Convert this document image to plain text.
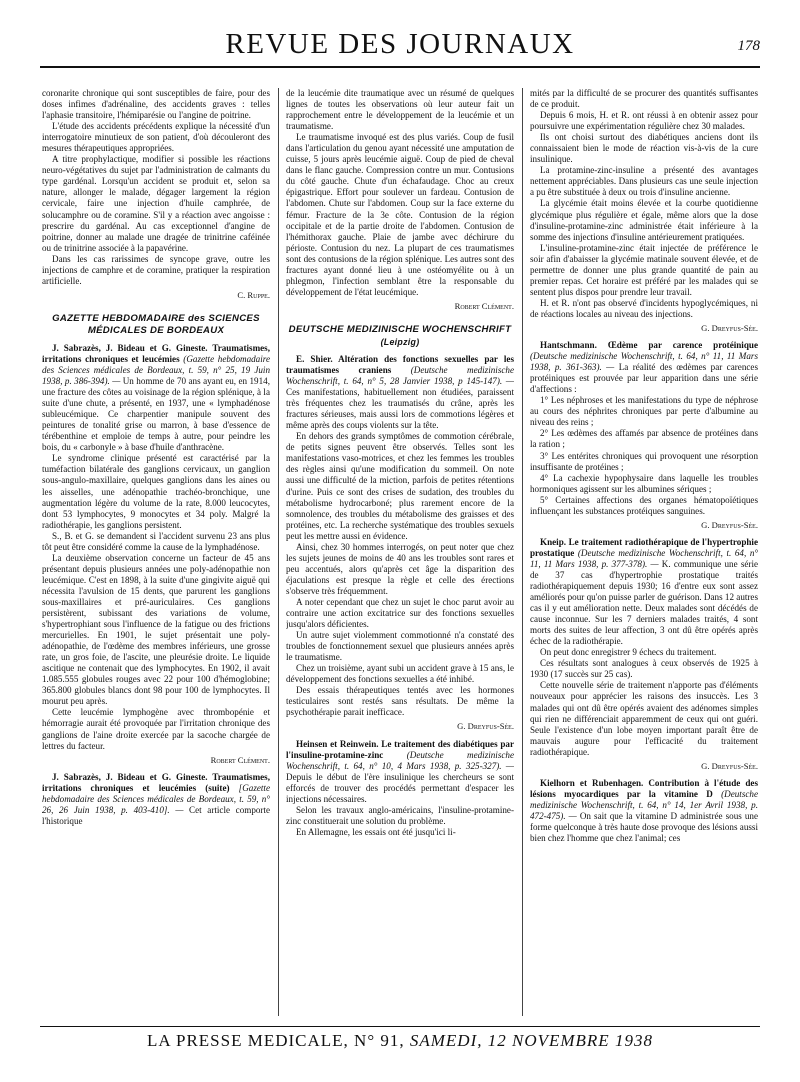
REVUE DES JOURNAUX	178

coronarite chronique qui sont susceptibles de faire, pour des doses infimes d'adrénaline, des accidents graves : telles l'aphasie transitoire, l'hémiparésie ou l'angine de poitrine.

L'étude des accidents précédents explique la nécessité d'un interrogatoire minutieux de son patient, d'où découleront des mesures thérapeutiques appropriées.

A titre prophylactique, modifier si possible les réactions neuro-végétatives du sujet par l'administration de calmants du type gardénal. Lorsqu'un accident se produit et, selon sa nature, allonger le malade, dégager largement la région cervicale, faire une injection d'huile camphrée, de solucamphre ou de coramine. S'il y a réaction avec angoisse : prescrire du gardénal. Au cas exceptionnel d'angine de poitrine, donner au malade une dragée de trinitrine caféinée ou de trinitrine associée à la papavérine.

Dans les cas rarissimes de syncope grave, outre les injections de camphre et de coramine, pratiquer la respiration artificielle.

C. Ruppe.
GAZETTE HEBDOMADAIRE des SCIENCES MÉDICALES DE BORDEAUX

J. Sabrazès, J. Bideau et G. Gineste. Traumatismes, irritations chroniques et leucémies (Gazette hebdomadaire des Sciences médicales de Bordeaux, t. 59, n° 25, 19 Juin 1938, p. 386-394). — Un homme de 70 ans ayant eu, en 1914, une fracture des côtes au voisinage de la région splénique, à la suite d'une chute, a présenté, en 1937, une « lymphadénose subleucémique. Ce charpentier manipule souvent des peintures de tonalité grise ou marron, à base d'essence de térébenthine et emploie de temps à autre, pour peindre les bois, du « carbonyle » à base d'huile d'anthracène.

Le syndrome clinique présenté est caractérisé par la tuméfaction bilatérale des ganglions cervicaux, un ganglion sous-angulo-maxillaire, quelques ganglions dans les aines ou les aisselles, une adénopathie trachéo-bronchique, une augmentation légère du volume de la rate, 8.000 leucocytes, dont 53 lymphocytes, 9 monocytes et 34 poly. Malgré la radiothérapie, les ganglions persistent.

S., B. et G. se demandent si l'accident survenu 23 ans plus tôt peut être considéré comme la cause de la lymphadénose.

La deuxième observation concerne un facteur de 45 ans présentant depuis plusieurs années une poly-adénopathie non leucémique. C'est en 1898, à la suite d'une gingivite aiguë qui nécessita l'avulsion de 15 dents, que parurent les ganglions sous-maxillaires et pré-auriculaires. Ces ganglions persistèrent, subissant des variations de volume, s'hypertrophiant sous l'influence de la fatigue ou des frictions mercurielles. En 1901, le sujet présentait une poly-adénopathie, de l'œdème des membres inférieurs, une grosse rate, un gros foie, de l'ascite, une pleurésie droite. Le liquide ascitique ne contenait que des lymphocytes. En 1902, il avait 1.085.555 globules rouges avec 22 pour 100 d'hémoglobine; 365.800 globules blancs dont 98 pour 100 de lymphocytes. Il mourut peu après.

Cette leucémie lymphogène avec thrombopénie et hémorragie aurait été provoquée par l'irritation chronique des ganglions de l'aine droite exercée par la sacoche chargée de lettres du facteur.

Robert Clément.

J. Sabrazès, J. Bideau et G. Gineste. Traumatismes, irritations chroniques et leucémies (suite) [Gazette hebdomadaire des Sciences médicales de Bordeaux, t. 59, n° 26, 26 Juin 1938, p. 403-410]. — Cet article comporte l'historique

de la leucémie dite traumatique avec un résumé de quelques lignes de toutes les observations où leur auteur fait un rapprochement entre le développement de la leucémie et un traumatisme.

Le traumatisme invoqué est des plus variés. Coup de fusil dans l'articulation du genou ayant nécessité une amputation de cuisse, 5 jours après leucémie aiguë. Coup de pied de cheval dans le flanc gauche. Compression contre un mur. Contusions du côté gauche. Chute d'un échafaudage. Choc au creux épigastrique. Effort pour soulever un fardeau. Contusion de l'abdomen. Chute sur l'abdomen. Coup sur la face externe du fémur. Fracture de la 3e côte. Contusion de la région occipitale et de la partie droite de l'abdomen. Contusion de l'hémithorax gauche. Plaie de jambe avec déchirure du périoste. Contusion du nez. La plupart de ces traumatismes sont des contusions de la région splénique. Les autres sont des fractures ayant donné lieu à une ostéomyélite ou à un phlegmon, l'infection semblant être la responsable du développement de l'état leucémique.

Robert Clément.
DEUTSCHE MEDIZINISCHE WOCHENSCHRIFT
(Leipzig)

E. Shier. Altération des fonctions sexuelles par les traumatismes craniens (Deutsche medizinische Wochenschrift, t. 64, n° 5, 28 Janvier 1938, p 145-147). — Ces manifestations, habituellement non étudiées, paraissent très fréquentes chez les traumatisés du crâne, après les fractures sérieuses, mais aussi lors de commotions légères et même après des coups violents sur la tête.

En dehors des grands symptômes de commotion cérébrale, de petits signes peuvent être observés. Telles sont les manifestations vaso-motrices, et chez les femmes les troubles des règles ainsi qu'une modification du sommeil. On note aussi une difficulté de la miction, parfois de petites rétentions d'urine. Puis ce sont des crises de sudation, des troubles du métabolisme hydrocarboné; plus rarement encore de la somnolence, des troubles du métabolisme des graisses et des protéines, etc. La recherche systématique des troubles sexuels peut les mettre aussi en évidence.

Ainsi, chez 30 hommes interrogés, on peut noter que chez les sujets jeunes de moins de 40 ans les troubles sont rares et peu accentués, alors qu'après cet âge la disparition des éjaculations est presque la règle et celle des érections s'observe très fréquemment.

A noter cependant que chez un sujet le choc parut avoir au contraire une action excitatrice sur des fonctions sexuelles jusqu'alors déficientes.

Un autre sujet violemment commotionné n'a constaté des troubles de fonctionnement sexuel que plusieurs années après le traumatisme.

Chez un troisième, ayant subi un accident grave à 15 ans, le développement des fonctions sexuelles a été inhibé.

Des essais thérapeutiques tentés avec les hormones testiculaires sont restés sans résultats. De même la psychothérapie parait inefficace.

G. Dreyfus-Sée.

Heinsen et Reinwein. Le traitement des diabétiques par l'insuline-protamine-zinc (Deutsche medizinische Wochenschrift, t. 64, n° 10, 4 Mars 1938, p. 325-327). — Depuis le début de l'ère insulinique les chercheurs se sont efforcés de trouver des procédés permettant d'espacer les injections nécessaires.

Selon les travaux anglo-américains, l'insuline-protamine-zinc constituerait une solution du problème.

En Allemagne, les essais ont été jusqu'ici li-

mités par la difficulté de se procurer des quantités suffisantes de ce produit.

Depuis 6 mois, H. et R. ont réussi à en obtenir assez pour poursuivre une expérimentation régulière chez 30 malades.

Ils ont choisi surtout des diabétiques anciens dont ils connaissaient bien le mode de réaction vis-à-vis de la cure insulinique.

La protamine-zinc-insuline a présenté des avantages nettement appréciables. Dans plusieurs cas une seule injection a pu être substituée à deux ou trois d'insuline ancienne.

La glycémie était moins élevée et la courbe quotidienne glycémique plus régulière et égale, même alors que la dose d'insuline-protamine-zinc administrée était inférieure à la somme des injections d'insuline antérieurement pratiquées.

L'insuline-protamine-zinc était injectée de préférence le soir afin d'abaisser la glycémie matinale souvent élevée, et de permettre de donner une plus grande quantité de pain au premier repas. Cet horaire est préféré par les malades qui se sentent plus dispos pour prendre leur travail.

H. et R. n'ont pas observé d'incidents hypoglycémiques, ni de réactions locales au niveau des injections.

G. Dreyfus-Sée.

Hantschmann. Œdème par carence protéinique (Deutsche medizinische Wochenschrift, t. 64, n° 11, 11 Mars 1938, p. 361-363). — La réalité des œdèmes par carences protéiniques est prouvée par leur apparition dans une série d'affections :

1° Les néphroses et les manifestations du type de néphrose au cours des néphrites chroniques par perte d'albumine au niveau des reins ;

2° Les œdèmes des affamés par absence de protéines dans la ration ;

3° Les entérites chroniques qui provoquent une résorption insuffisante de protéines ;

4° La cachexie hypophysaire dans laquelle les troubles hormoniques agissent sur les albumines sériques ;

5° Certaines affections des organes hématopoïétiques influençant les substances protéiques sanguines.

G. Dreyfus-Sée.

Kneip. Le traitement radiothérapique de l'hypertrophie prostatique (Deutsche medizinische Wochenschrift, t. 64, n° 11, 11 Mars 1938, p. 377-378). — K. communique une série de 37 cas d'hypertrophie prostatique traités radiothérapiquement depuis 1930; 16 d'entre eux sont assez améliorés pour qu'on puisse parler de guérison. Dans 12 autres cas il y eut amélioration nette. Deux malades sont décédés de cause inconnue. Sur les 7 derniers malades traités, 4 sont morts des suites de leur affection, 3 ont dû être opérés après échec de la radiothérapie.

On peut donc enregistrer 9 échecs du traitement.

Ces résultats sont analogues à ceux observés de 1925 à 1930 (17 succès sur 25 cas).

Cette nouvelle série de traitement n'apporte pas d'éléments nouveaux pour apprécier les raisons des insuccès. Les 3 malades qui ont dû être opérés avaient des adénomes simples qui rien ne différenciait apparemment de ceux qui ont guéri. Seule l'existence d'un lobe moyen important paraît être de mauvais augure pour l'efficacité du traitement radiothérapique.

G. Dreyfus-Sée.

Kielhorn et Rubenhagen. Contribution à l'étude des lésions myocardiques par la vitamine D (Deutsche medizinische Wochenschrift, t. 64, n° 14, 1er Avril 1938, p. 472-475). — On sait que la vitamine D administrée sous une forme quelconque à très haute dose provoque des lésions aussi bien chez l'homme que chez l'animal; ces

LA PRESSE MEDICALE, N° 91, SAMEDI, 12 NOVEMBRE 1938
